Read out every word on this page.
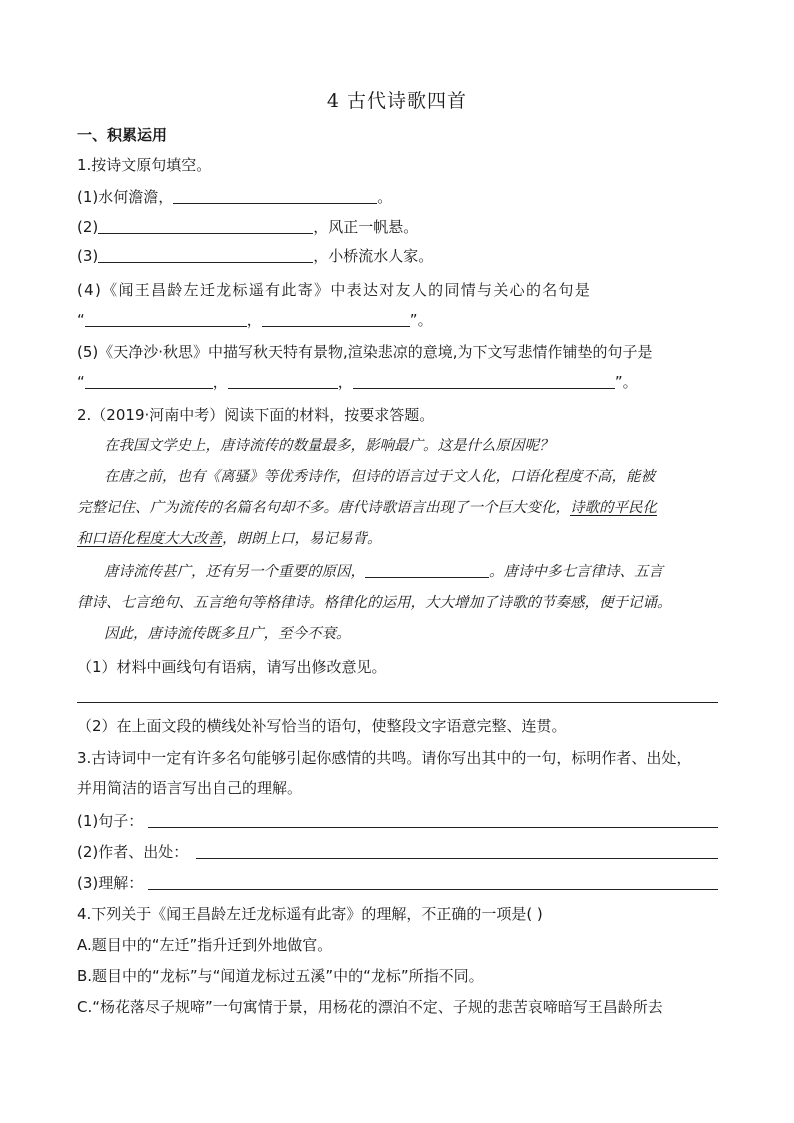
4 古代诗歌四首
一、积累运用
1.按诗文原句填空。
(1)水何澹澹，	。
(2)	，风正一帆悬。
(3)	，小桥流水人家。
(4)《闻王昌龄左迁龙标遥有此寄》中表达对友人的同情与关心的名句是
“	，	”。
(5)《天净沙·秋思》中描写秋天特有景物,渲染悲凉的意境,为下文写悲情作铺垫的句子是
“	，	，	”。
2.（2019·河南中考）阅读下面的材料，按要求答题。
在我国文学史上，唐诗流传的数量最多，影响最广。这是什么原因呢？
在唐之前，也有《离骚》等优秀诗作，但诗的语言过于文人化，口语化程度不高，能被
完整记住、广为流传的名篇名句却不多。唐代诗歌语言出现了一个巨大变化，诗歌的平民化
和口语化程度大大改善，朗朗上口，易记易背。
唐诗流传甚广，还有另一个重要的原因，	。唐诗中多七言律诗、五言
律诗、七言绝句、五言绝句等格律诗。格律化的运用，大大增加了诗歌的节奏感，便于记诵。
因此，唐诗流传既多且广，至今不衰。
（1）材料中画线句有语病，请写出修改意见。
（2）在上面文段的横线处补写恰当的语句，使整段文字语意完整、连贯。
3.古诗词中一定有许多名句能够引起你感情的共鸣。请你写出其中的一句，标明作者、出处，
并用简洁的语言写出自己的理解。
(1)句子：
(2)作者、出处：
(3)理解：
4.下列关于《闻王昌龄左迁龙标遥有此寄》的理解，不正确的一项是( )
A.题目中的“左迁”指升迁到外地做官。
B.题目中的“龙标”与“闻道龙标过五溪”中的“龙标”所指不同。
C.“杨花落尽子规啼”一句寓情于景，用杨花的漂泊不定、子规的悲苦哀啼暗写王昌龄所去
